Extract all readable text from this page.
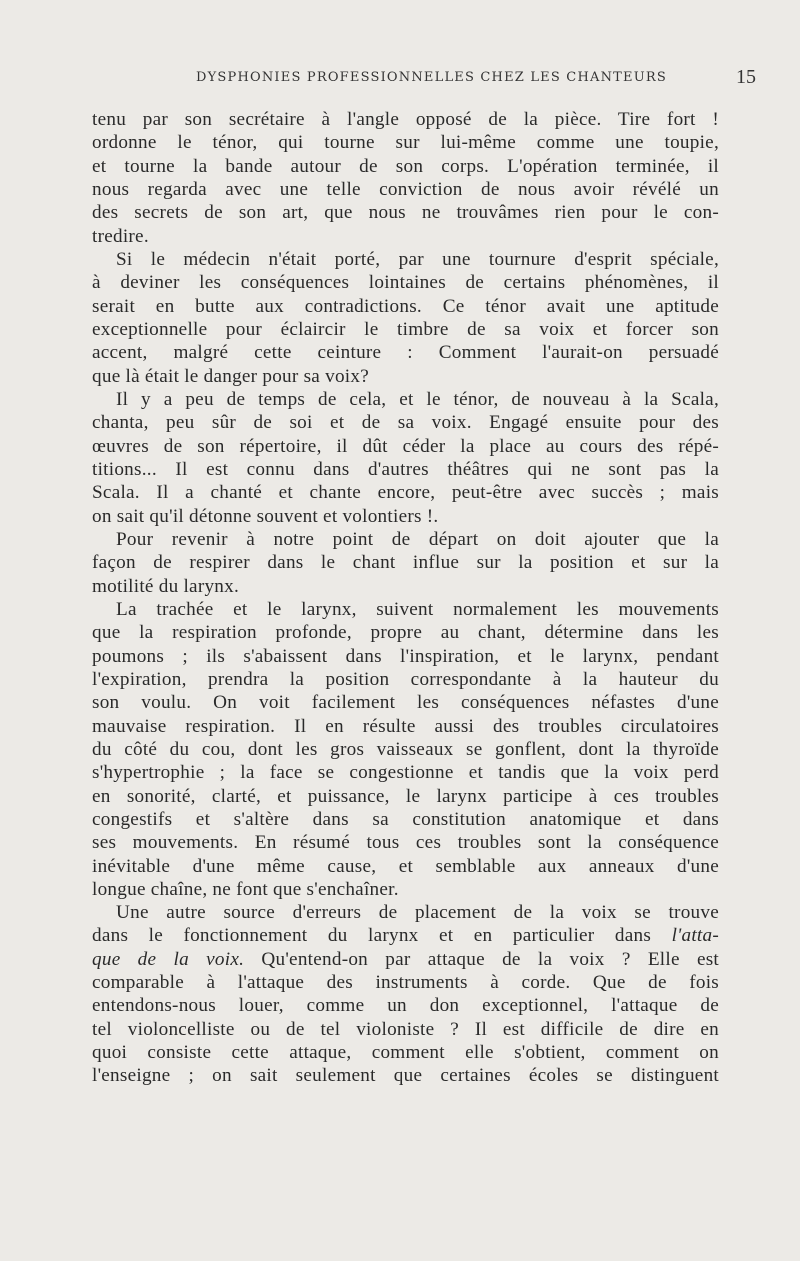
DYSPHONIES PROFESSIONNELLES CHEZ LES CHANTEURS	15
tenu par son secrétaire à l'angle opposé de la pièce. Tire fort !
ordonne le ténor, qui tourne sur lui-même comme une toupie,
et tourne la bande autour de son corps. L'opération terminée, il
nous regarda avec une telle conviction de nous avoir révélé un
des secrets de son art, que nous ne trouvâmes rien pour le con-
tredire.
Si le médecin n'était porté, par une tournure d'esprit spéciale,
à deviner les conséquences lointaines de certains phénomènes, il
serait en butte aux contradictions. Ce ténor avait une aptitude
exceptionnelle pour éclaircir le timbre de sa voix et forcer son
accent, malgré cette ceinture : Comment l'aurait-on persuadé
que là était le danger pour sa voix?
Il y a peu de temps de cela, et le ténor, de nouveau à la Scala,
chanta, peu sûr de soi et de sa voix. Engagé ensuite pour des
œuvres de son répertoire, il dût céder la place au cours des répé-
titions... Il est connu dans d'autres théâtres qui ne sont pas la
Scala. Il a chanté et chante encore, peut-être avec succès ; mais
on sait qu'il détonne souvent et volontiers !.
Pour revenir à notre point de départ on doit ajouter que la
façon de respirer dans le chant influe sur la position et sur la
motilité du larynx.
La trachée et le larynx, suivent normalement les mouvements
que la respiration profonde, propre au chant, détermine dans les
poumons ; ils s'abaissent dans l'inspiration, et le larynx, pendant
l'expiration, prendra la position correspondante à la hauteur du
son voulu. On voit facilement les conséquences néfastes d'une
mauvaise respiration. Il en résulte aussi des troubles circulatoires
du côté du cou, dont les gros vaisseaux se gonflent, dont la thyroïde
s'hypertrophie ; la face se congestionne et tandis que la voix perd
en sonorité, clarté, et puissance, le larynx participe à ces troubles
congestifs et s'altère dans sa constitution anatomique et dans
ses mouvements. En résumé tous ces troubles sont la conséquence
inévitable d'une même cause, et semblable aux anneaux d'une
longue chaîne, ne font que s'enchaîner.
Une autre source d'erreurs de placement de la voix se trouve
dans le fonctionnement du larynx et en particulier dans l'atta-
que de la voix. Qu'entend-on par attaque de la voix ? Elle est
comparable à l'attaque des instruments à corde. Que de fois
entendons-nous louer, comme un don exceptionnel, l'attaque de
tel violoncelliste ou de tel violoniste ? Il est difficile de dire en
quoi consiste cette attaque, comment elle s'obtient, comment on
l'enseigne ; on sait seulement que certaines écoles se distinguent
